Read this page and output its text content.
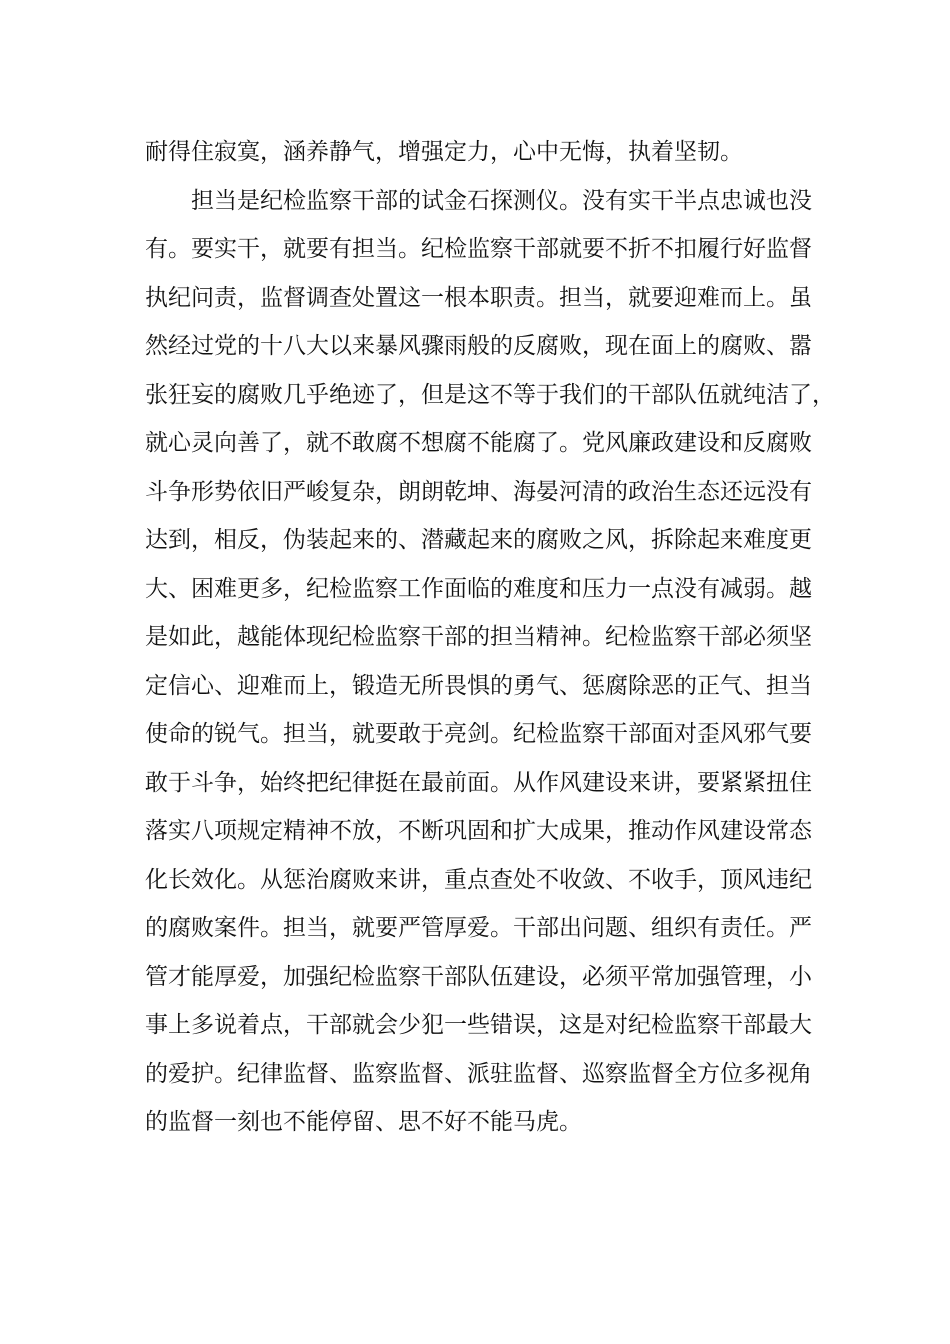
耐得住寂寞，涵养静气，增强定力，心中无悔，执着坚韧。
担当是纪检监察干部的试金石探测仪。没有实干半点忠诚也没
有。要实干，就要有担当。纪检监察干部就要不折不扣履行好监督
执纪问责，监督调查处置这一根本职责。担当，就要迎难而上。虽
然经过党的十八大以来暴风骤雨般的反腐败，现在面上的腐败、嚣
张狂妄的腐败几乎绝迹了，但是这不等于我们的干部队伍就纯洁了，
就心灵向善了，就不敢腐不想腐不能腐了。党风廉政建设和反腐败
斗争形势依旧严峻复杂，朗朗乾坤、海晏河清的政治生态还远没有
达到，相反，伪装起来的、潜藏起来的腐败之风，拆除起来难度更
大、困难更多，纪检监察工作面临的难度和压力一点没有减弱。越
是如此，越能体现纪检监察干部的担当精神。纪检监察干部必须坚
定信心、迎难而上，锻造无所畏惧的勇气、惩腐除恶的正气、担当
使命的锐气。担当，就要敢于亮剑。纪检监察干部面对歪风邪气要
敢于斗争，始终把纪律挺在最前面。从作风建设来讲，要紧紧扭住
落实八项规定精神不放，不断巩固和扩大成果，推动作风建设常态
化长效化。从惩治腐败来讲，重点查处不收敛、不收手，顶风违纪
的腐败案件。担当，就要严管厚爱。干部出问题、组织有责任。严
管才能厚爱，加强纪检监察干部队伍建设，必须平常加强管理，小
事上多说着点，干部就会少犯一些错误，这是对纪检监察干部最大
的爱护。纪律监督、监察监督、派驻监督、巡察监督全方位多视角
的监督一刻也不能停留、思不好不能马虎。
